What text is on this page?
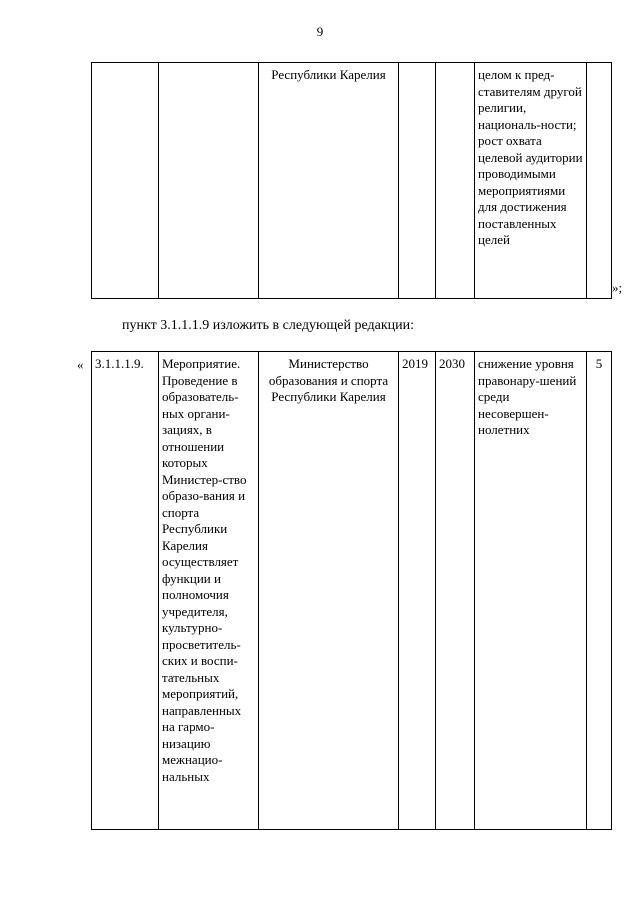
9
		Республики Карелия			целом к пред-ставителям другой религии, националь-ности; рост охвата целевой аудитории проводимыми мероприятиями для достижения поставленных целей	
»;
пункт 3.1.1.1.9 изложить в следующей редакции:
« 3.1.1.1.9.	Мероприятие. Проведение в образователь-ных органи-зациях, в отношении которых Министер-ство образо-вания и спорта Республики Карелия осуществляет функции и полномочия учредителя, культурно-просветитель-ских и воспи-тательных мероприятий, направленных на гармо-низацию межнацио-нальных	Министерство образования и спорта Республики Карелия	2019	2030	снижение уровня правонару-шений среди несовершен-нолетних	5
